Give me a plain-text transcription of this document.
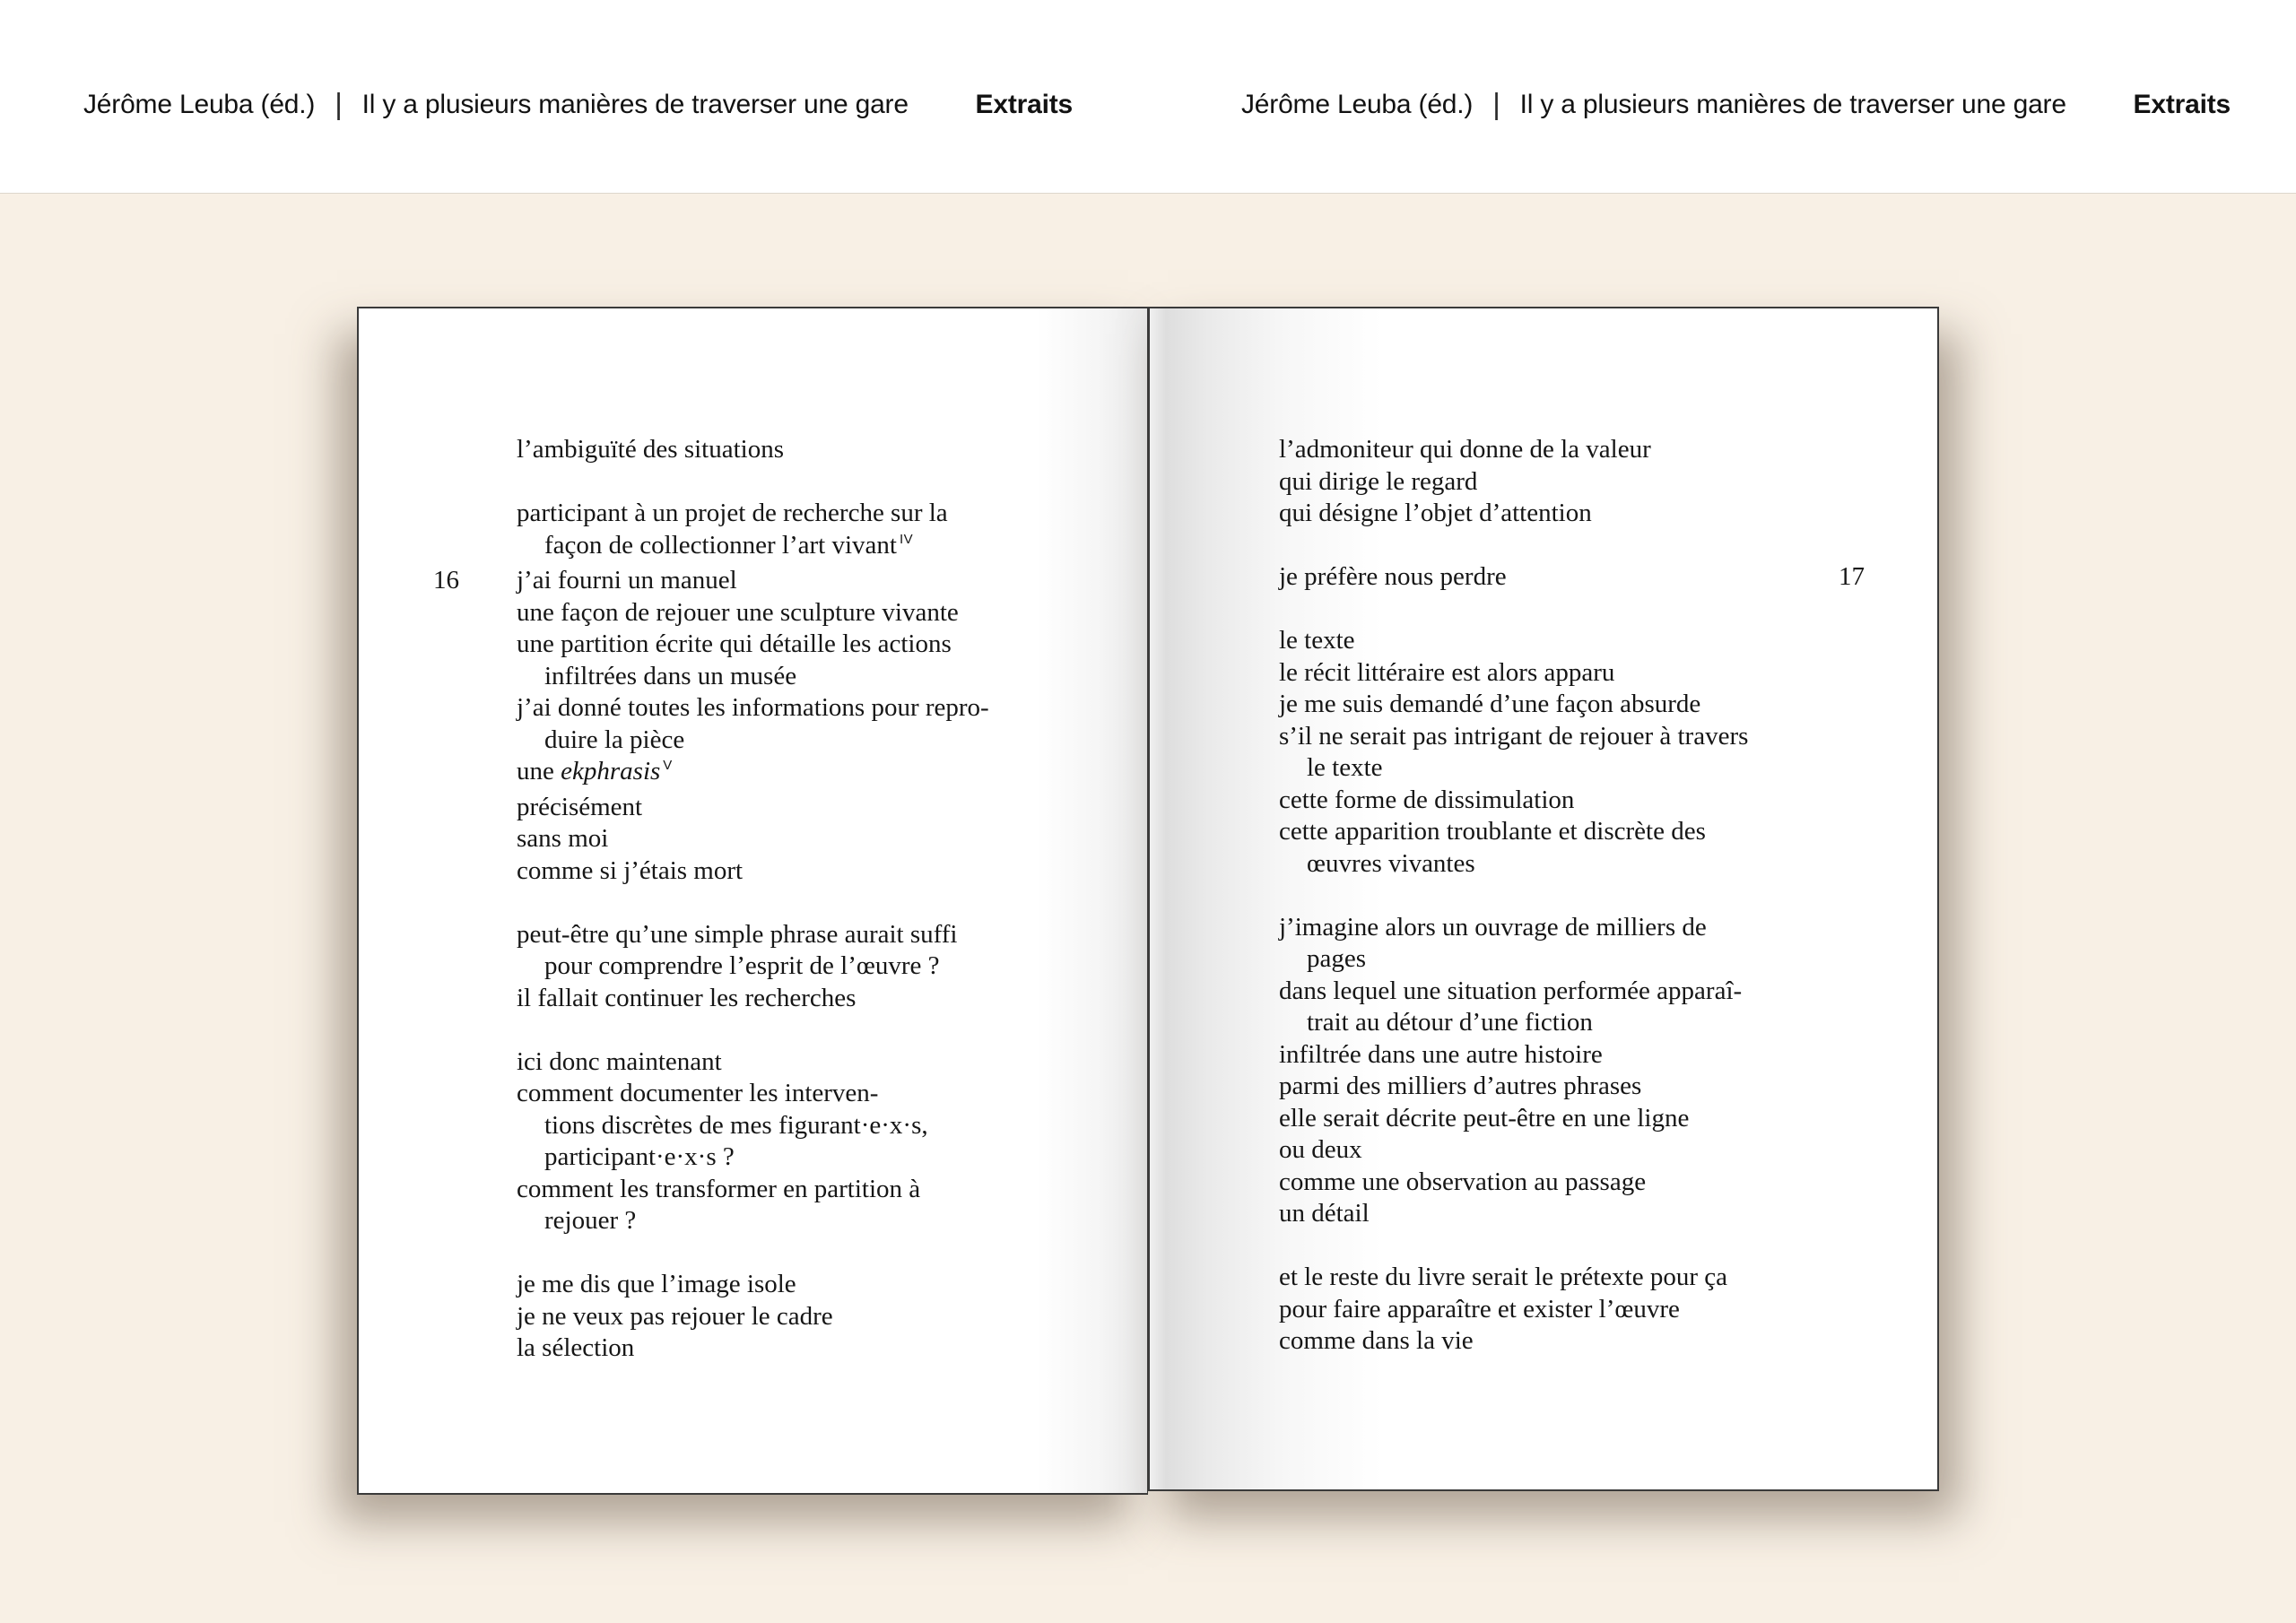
Jérôme Leuba (éd.) | Il y a plusieurs manières de traverser une gare Extraits	Jérôme Leuba (éd.) | Il y a plusieurs manières de traverser une gare Extraits
l’ambiguïté des situations
participant à un projet de recherche sur la
façon de collectionner l’art vivant $^{IV}$
j’ai fourni un manuel
16
une façon de rejouer une sculpture vivante
une partition écrite qui détaille les actions
infiltrées dans un musée
j’ai donné toutes les informations pour repro-
duire la pièce
une ekphrasis $^V$
précisément
sans moi
comme si j’étais mort
peut-être qu’une simple phrase aurait suffi
pour comprendre l’esprit de l’œuvre ?
il fallait continuer les recherches
ici donc maintenant
comment documenter les interven-
tions discrètes de mes figurant·e·x·s,
participant·e·x·s ?
comment les transformer en partition à
rejouer ?
je me dis que l’image isole
je ne veux pas rejouer le cadre
la sélection
l’admoniteur qui donne de la valeur
qui dirige le regard
qui désigne l’objet d’attention
je préfère nous perdre	17
le texte
le récit littéraire est alors apparu
je me suis demandé d’une façon absurde
s’il ne serait pas intrigant de rejouer à travers
le texte
cette forme de dissimulation
cette apparition troublante et discrète des
œuvres vivantes
j’imagine alors un ouvrage de milliers de
pages
dans lequel une situation performée apparaî-
trait au détour d’une fiction
infiltrée dans une autre histoire
parmi des milliers d’autres phrases
elle serait décrite peut-être en une ligne
ou deux
comme une observation au passage
un détail
et le reste du livre serait le prétexte pour ça
pour faire apparaître et exister l’œuvre
comme dans la vie
